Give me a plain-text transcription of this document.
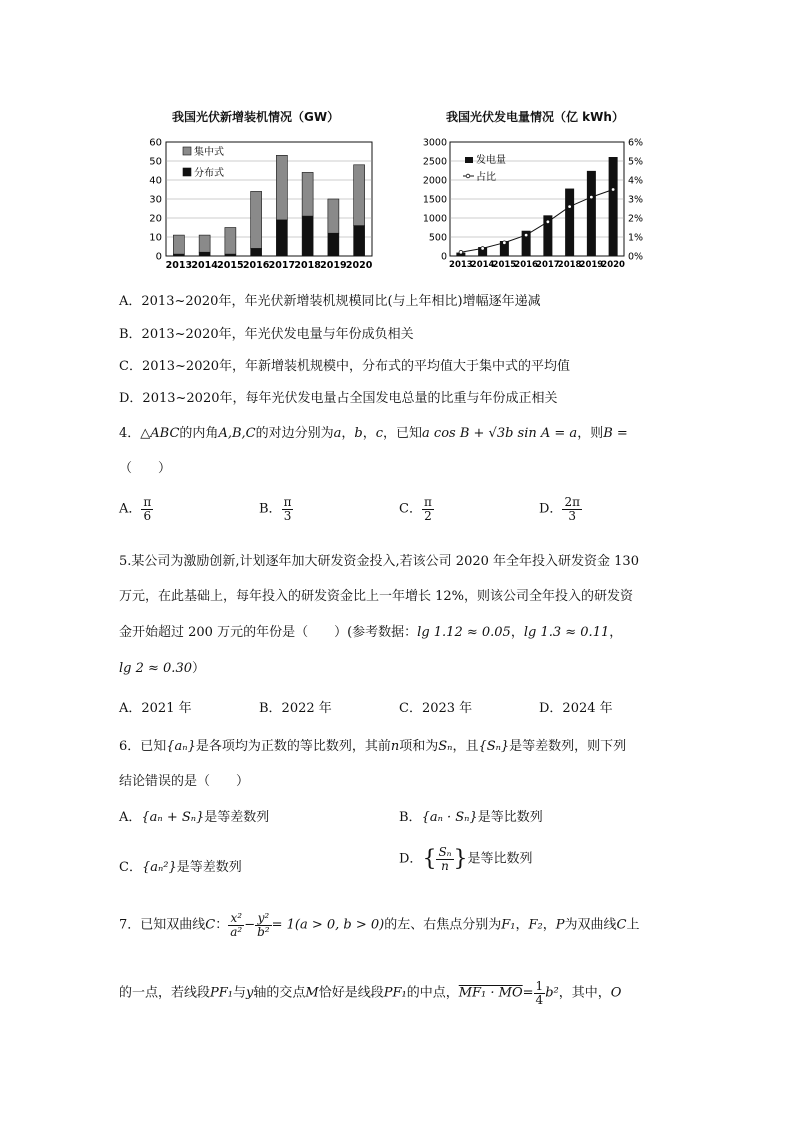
我国光伏新增装机情况（GW）
0
10
20
30
40
50
60
2013 2014 2015 2016 2017 2018 2019 2020
集中式
分布式
我国光伏发电量情况（亿 kWh）
0
500
1000
1500
2000
2500
3000
0%
1%
2%
3%
4%
5%
6%
2013
2014
2015
2016
2017
2018
2019
2020
发电量
占比
A．2013~2020年，年光伏新增装机规模同比(与上年相比)增幅逐年递减
B．2013~2020年，年光伏发电量与年份成负相关
C．2013~2020年，年新增装机规模中，分布式的平均值大于集中式的平均值
D．2013~2020年，每年光伏发电量占全国发电总量的比重与年份成正相关
4．△ABC的内角A,B,C的对边分别为a，b，c，已知a cos B + √3b sin A = a，则B =
（　　）
A． $\frac{\pi}{6}$	B． $\frac{\pi}{3}$	C． $\frac{\pi}{2}$	D． $\frac{2\pi}{3}$
5.某公司为激励创新,计划逐年加大研发资金投入,若该公司 2020 年全年投入研发资金 130
万元，在此基础上，每年投入的研发资金比上一年增长 12%，则该公司全年投入的研发资
金开始超过 200 万元的年份是（　　）(参考数据：lg 1.12 ≈ 0.05，lg 1.3 ≈ 0.11，
lg 2 ≈ 0.30）
A．2021 年	B．2022 年	C．2023 年	D．2024 年
6．已知{aₙ}是各项均为正数的等比数列，其前n项和为Sₙ，且{Sₙ}是等差数列，则下列
结论错误的是（　　）
A．{aₙ + Sₙ}是等差数列	B．{aₙ · Sₙ}是等比数列
C．{aₙ²}是等差数列
D．{ $\frac{\text{Sₙ}}{n}$ }是等比数列
7．已知双曲线C： $\frac{\text{x²}}{\text{a²}} - \frac{\text{y²}}{\text{b²}} = 1(a > 0$, b > 0)的左、右焦点分别为F₁，F₂，P为双曲线C上
的一点，若线段PF₁与y轴的交点M恰好是线段PF₁的中点，$MF_1 \cdot MO= \frac{1}{4} b^2$，其中，O
